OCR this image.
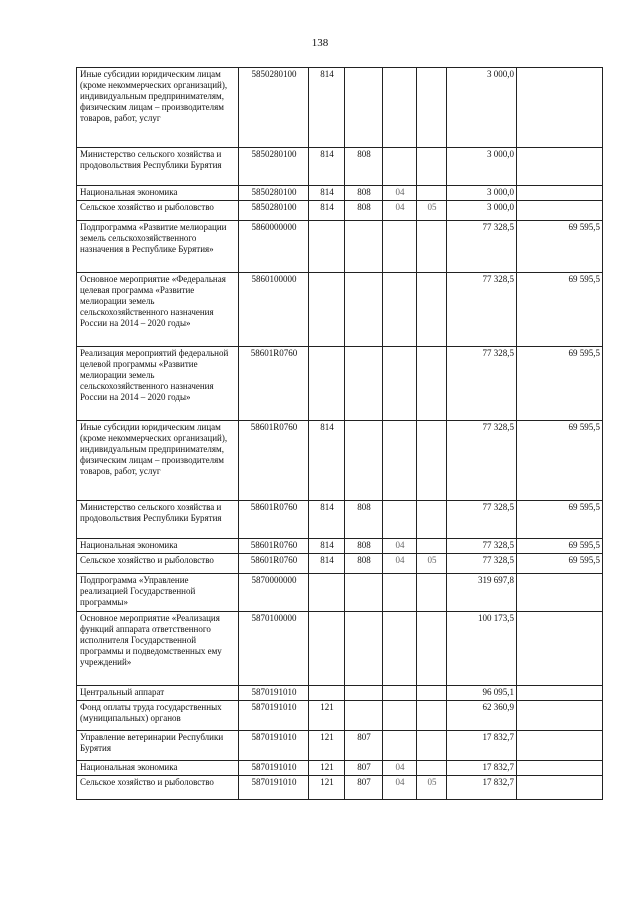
138
Иные субсидии юридическим лицам (кроме некоммерческих организаций), индивидуальным предпринимателям, физическим лицам – производителям товаров, работ, услуг	5850280100	814				3 000,0	
Министерство сельского хозяйства и продовольствия Республики Бурятия	5850280100	814	808			3 000,0	
Национальная экономика	5850280100	814	808	04		3 000,0	
Сельское хозяйство и рыболовство	5850280100	814	808	04	05	3 000,0	
Подпрограмма «Развитие мелиорации земель сельскохозяйственного назначения в Республике Бурятия»	5860000000					77 328,5	69 595,5
Основное мероприятие «Федеральная целевая программа «Развитие мелиорации земель сельскохозяйственного назначения России на 2014 – 2020 годы»	5860100000					77 328,5	69 595,5
Реализация мероприятий федеральной целевой программы «Развитие мелиорации земель сельскохозяйственного назначения России на 2014 – 2020 годы»	58601R0760					77 328,5	69 595,5
Иные субсидии юридическим лицам (кроме некоммерческих организаций), индивидуальным предпринимателям, физическим лицам – производителям товаров, работ, услуг	58601R0760	814				77 328,5	69 595,5
Министерство сельского хозяйства и продовольствия Республики Бурятия	58601R0760	814	808			77 328,5	69 595,5
Национальная экономика	58601R0760	814	808	04		77 328,5	69 595,5
Сельское хозяйство и рыболовство	58601R0760	814	808	04	05	77 328,5	69 595,5
Подпрограмма «Управление реализацией Государственной программы»	5870000000					319 697,8	
Основное мероприятие «Реализация функций аппарата ответственного исполнителя Государственной программы и подведомственных ему учреждений»	5870100000					100 173,5	
Центральный аппарат	5870191010					96 095,1	
Фонд оплаты труда государственных (муниципальных) органов	5870191010	121				62 360,9	
Управление ветеринарии Республики Бурятия	5870191010	121	807			17 832,7	
Национальная экономика	5870191010	121	807	04		17 832,7	
Сельское хозяйство и рыболовство	5870191010	121	807	04	05	17 832,7	
